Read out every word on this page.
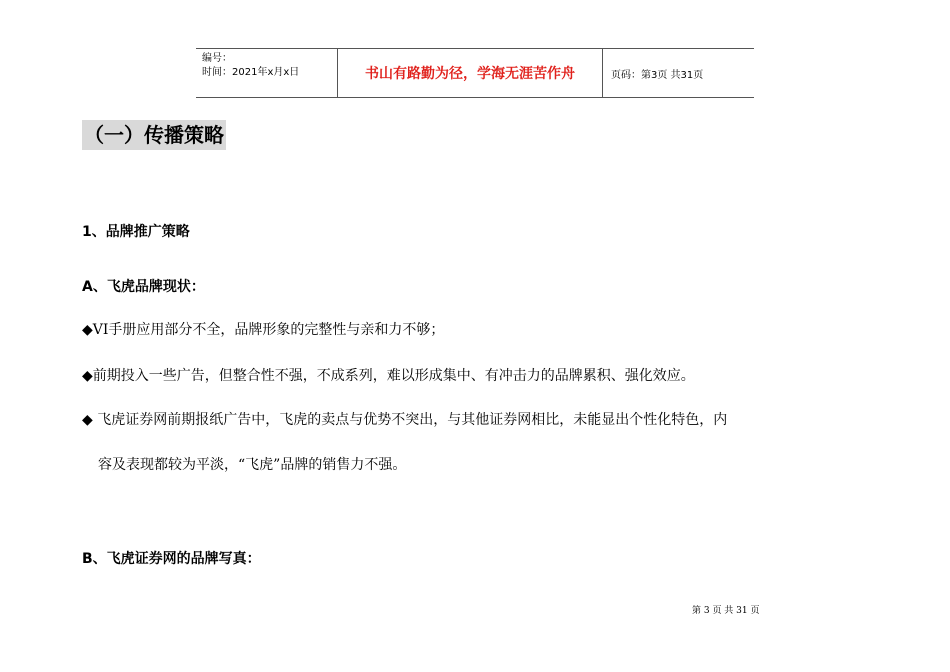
编号：
时间：2021年x月x日	书山有路勤为径，学海无涯苦作舟	页码：第3页 共31页
（一）传播策略
1、品牌推广策略
A、飞虎品牌现状：
◆VI手册应用部分不全，品牌形象的完整性与亲和力不够；
◆前期投入一些广告，但整合性不强，不成系列，难以形成集中、有冲击力的品牌累积、强化效应。
◆ 飞虎证券网前期报纸广告中，飞虎的卖点与优势不突出，与其他证券网相比，未能显出个性化特色，内
容及表现都较为平淡，“飞虎”品牌的销售力不强。
B、飞虎证券网的品牌写真：
第 3 页 共 31 页
